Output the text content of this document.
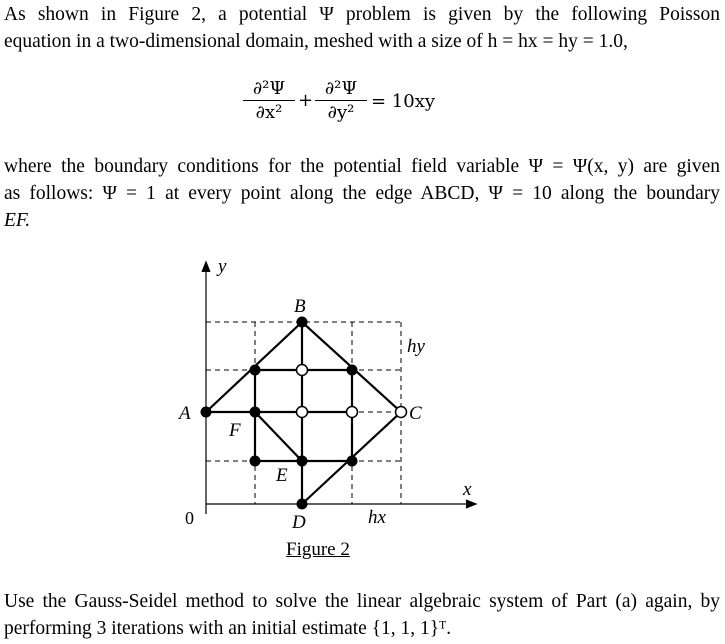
As shown in Figure 2, a potential Ψ problem is given by the following Poisson

equation in a two-dimensional domain, meshed with a size of h = hx = hy = 1.0,

$\frac{\text{∂²Ψ}}{\text{∂x²}} + \frac{\text{∂²Ψ}}{\text{∂y²}} = 10xy$

where the boundary conditions for the potential field variable Ψ = Ψ(x, y) are given

as follows: Ψ = 1 at every point along the edge ABCD, Ψ = 10 along the boundary

EF.

y
x
0
A
B
C
D
E
F
hx
hy
Figure 2

Use the Gauss-Seidel method to solve the linear algebraic system of Part (a) again, by

performing 3 iterations with an initial estimate {1, 1, 1}ᵀ.
